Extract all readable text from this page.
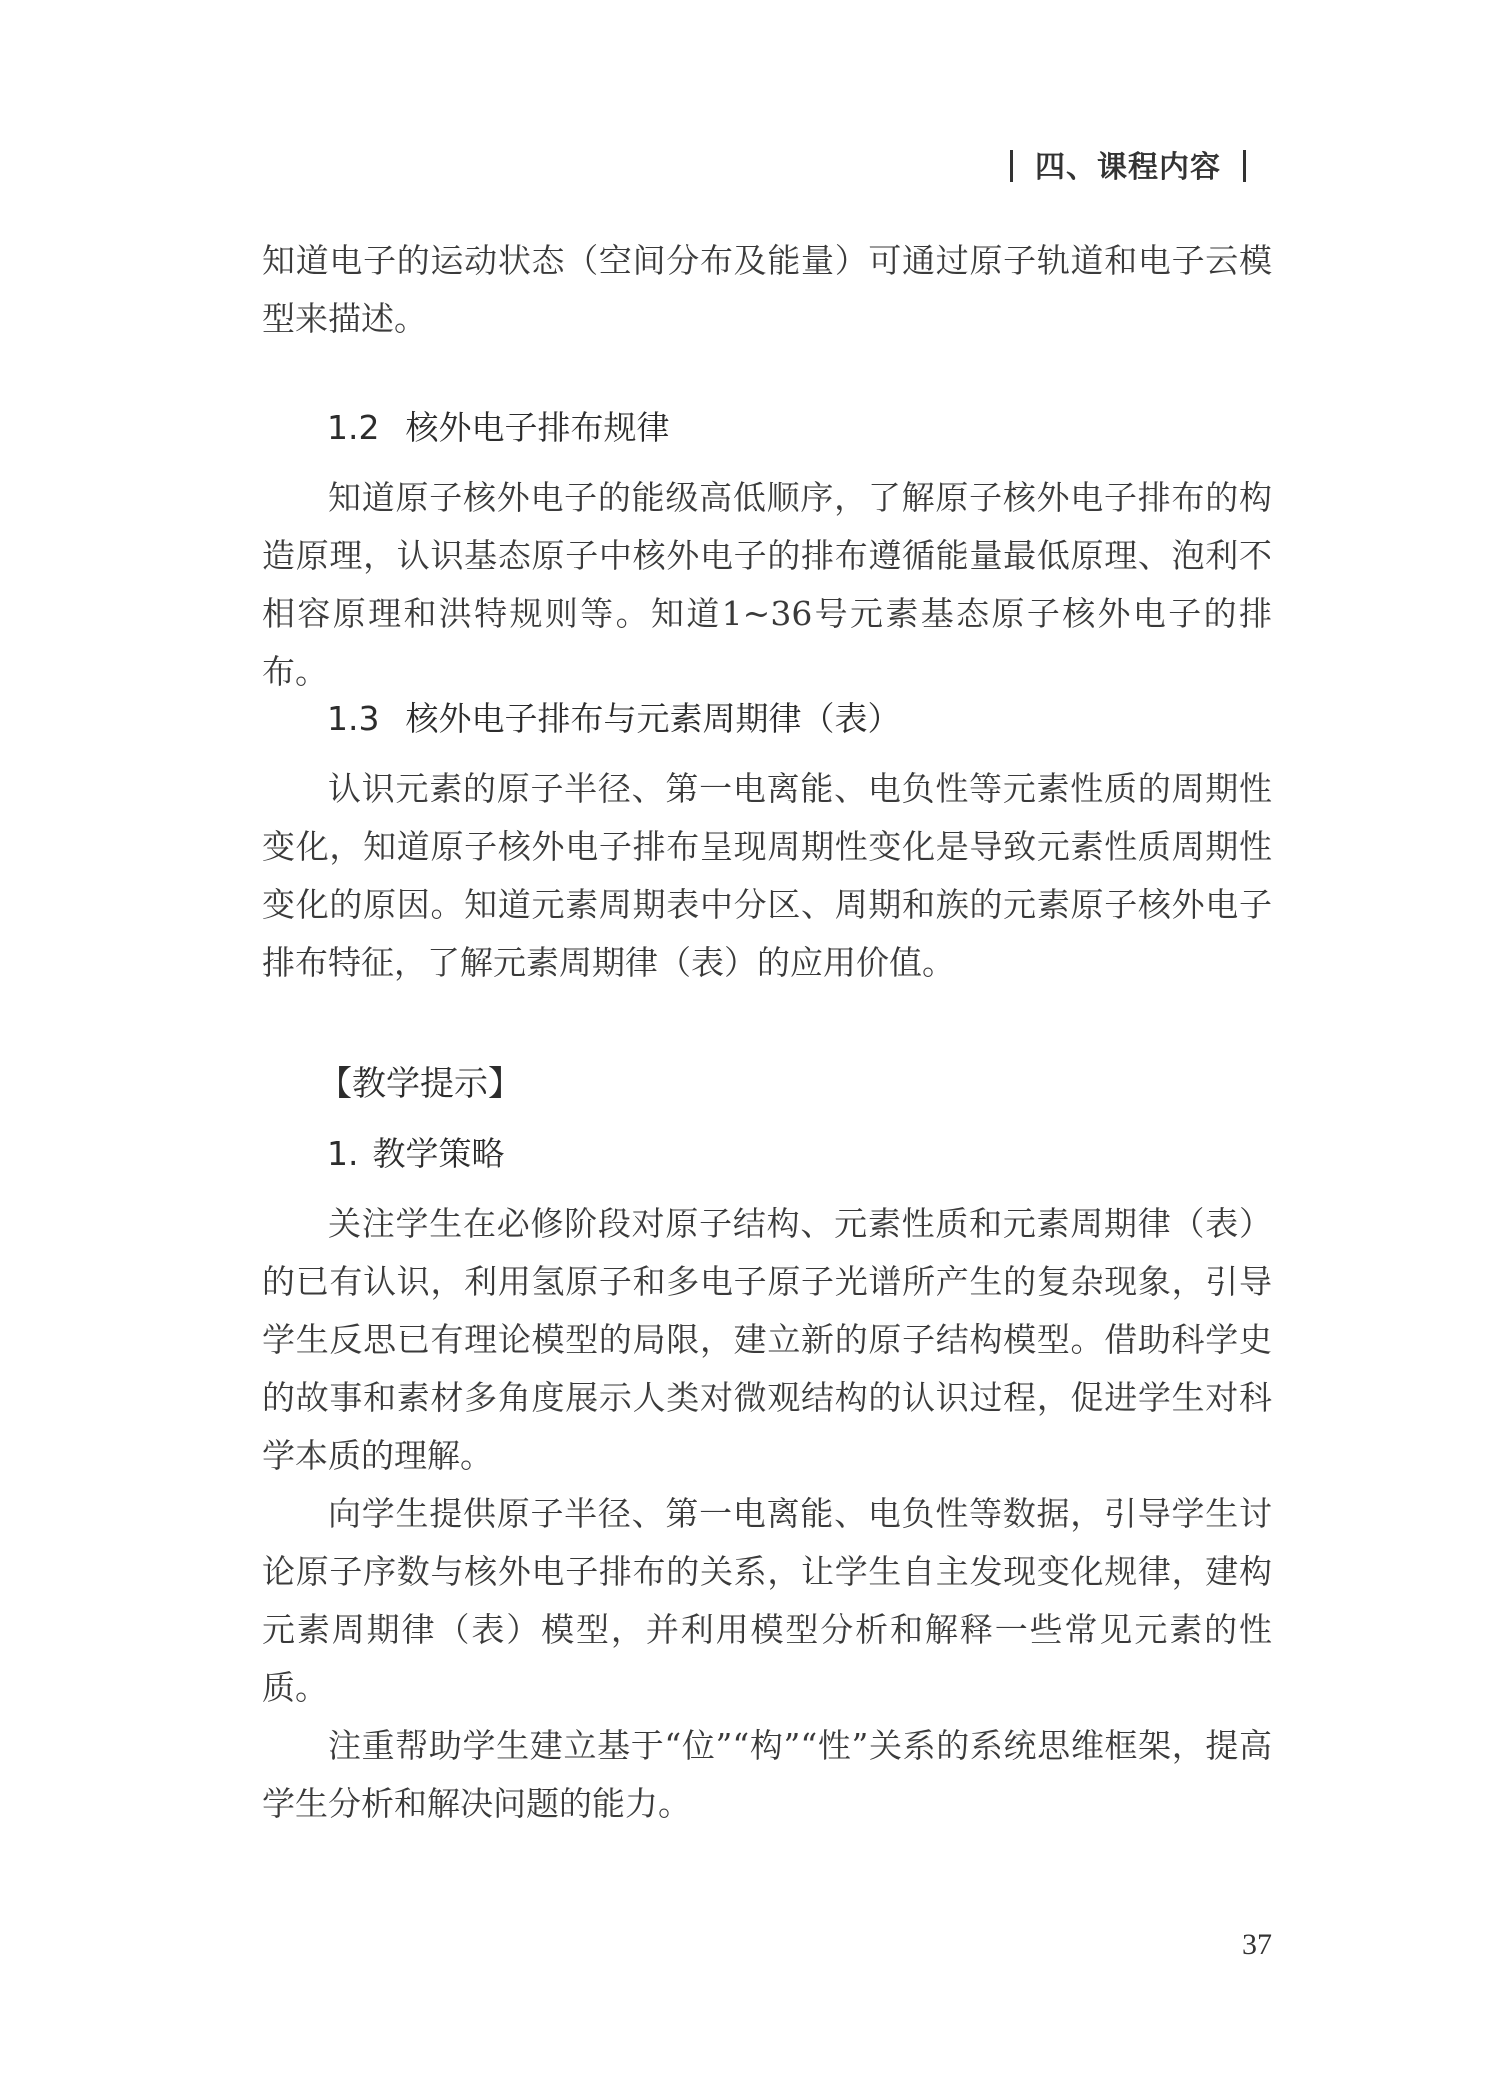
四、课程内容

知道电子的运动状态（空间分布及能量）可通过原子轨道和电子云模型来描述。

1.2 核外电子排布规律

知道原子核外电子的能级高低顺序，了解原子核外电子排布的构造原理，认识基态原子中核外电子的排布遵循能量最低原理、泡利不相容原理和洪特规则等。知道1~36号元素基态原子核外电子的排布。

1.3 核外电子排布与元素周期律（表）

认识元素的原子半径、第一电离能、电负性等元素性质的周期性变化，知道原子核外电子排布呈现周期性变化是导致元素性质周期性变化的原因。知道元素周期表中分区、周期和族的元素原子核外电子排布特征，了解元素周期律（表）的应用价值。

【教学提示】
1. 教学策略

关注学生在必修阶段对原子结构、元素性质和元素周期律（表）的已有认识，利用氢原子和多电子原子光谱所产生的复杂现象，引导学生反思已有理论模型的局限，建立新的原子结构模型。借助科学史的故事和素材多角度展示人类对微观结构的认识过程，促进学生对科学本质的理解。

向学生提供原子半径、第一电离能、电负性等数据，引导学生讨论原子序数与核外电子排布的关系，让学生自主发现变化规律，建构元素周期律（表）模型，并利用模型分析和解释一些常见元素的性质。

注重帮助学生建立基于“位”“构”“性”关系的系统思维框架，提高学生分析和解决问题的能力。

37
